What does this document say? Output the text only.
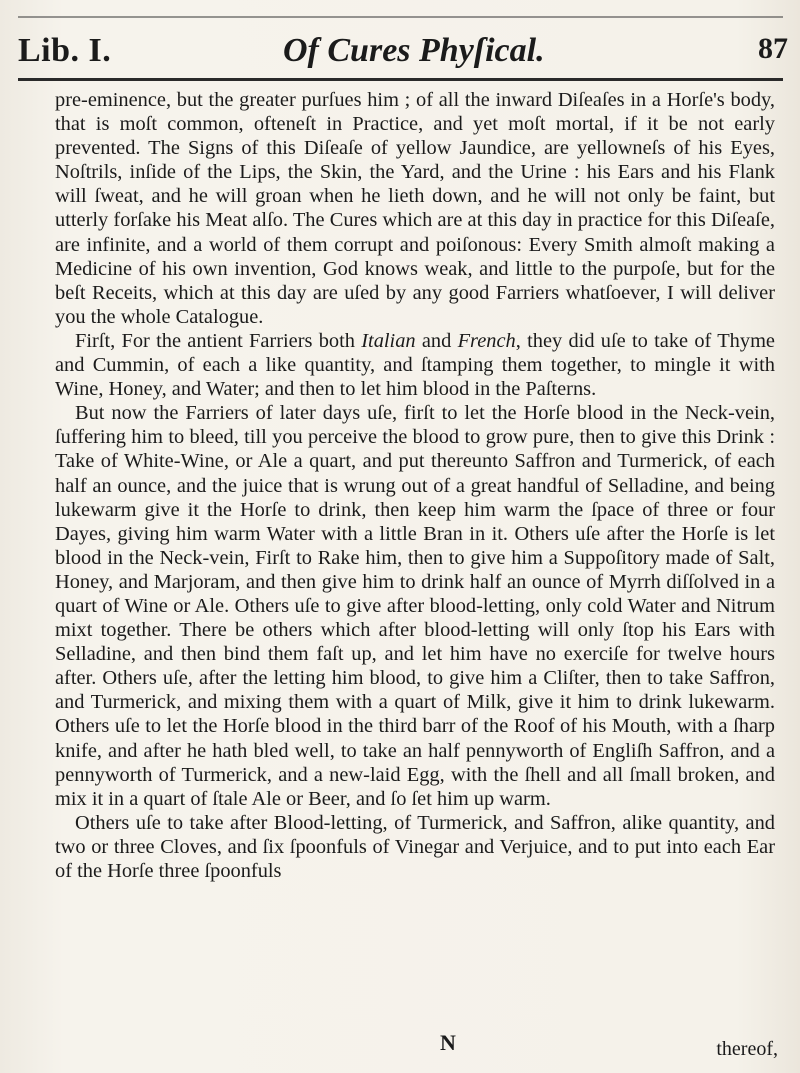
Lib. I.	Of Cures Phyſical.	87

pre-eminence, but the greater purſues him ; of all the inward Diſeaſes in a Horſe's body, that is moſt common, ofteneſt in Practice, and yet moſt mortal, if it be not early prevented. The Signs of this Diſeaſe of yellow Jaundice, are yellowneſs of his Eyes, Noſtrils, inſide of the Lips, the Skin, the Yard, and the Urine : his Ears and his Flank will ſweat, and he will groan when he lieth down, and he will not only be faint, but utterly forſake his Meat alſo. The Cures which are at this day in practice for this Diſeaſe, are infinite, and a world of them corrupt and poiſonous: Every Smith almoſt making a Medicine of his own invention, God knows weak, and little to the purpoſe, but for the beſt Receits, which at this day are uſed by any good Farriers whatſoever, I will deliver you the whole Catalogue.

Firſt, For the antient Farriers both Italian and French, they did uſe to take of Thyme and Cummin, of each a like quantity, and ſtamping them together, to mingle it with Wine, Honey, and Water; and then to let him blood in the Paſterns.

But now the Farriers of later days uſe, firſt to let the Horſe blood in the Neck-vein, ſuffering him to bleed, till you perceive the blood to grow pure, then to give this Drink : Take of White-Wine, or Ale a quart, and put thereunto Saffron and Turmerick, of each half an ounce, and the juice that is wrung out of a great handful of Selladine, and being lukewarm give it the Horſe to drink, then keep him warm the ſpace of three or four Dayes, giving him warm Water with a little Bran in it. Others uſe after the Horſe is let blood in the Neck-vein, Firſt to Rake him, then to give him a Suppoſitory made of Salt, Honey, and Marjoram, and then give him to drink half an ounce of Myrrh diſſolved in a quart of Wine or Ale. Others uſe to give after blood-letting, only cold Water and Nitrum mixt together. There be others which after blood-letting will only ſtop his Ears with Selladine, and then bind them faſt up, and let him have no exerciſe for twelve hours after. Others uſe, after the letting him blood, to give him a Cliſter, then to take Saffron, and Turmerick, and mixing them with a quart of Milk, give it him to drink lukewarm. Others uſe to let the Horſe blood in the third barr of the Roof of his Mouth, with a ſharp knife, and after he hath bled well, to take an half pennyworth of Engliſh Saffron, and a pennyworth of Turmerick, and a new-laid Egg, with the ſhell and all ſmall broken, and mix it in a quart of ſtale Ale or Beer, and ſo ſet him up warm.

Others uſe to take after Blood-letting, of Turmerick, and Saffron, alike quantity, and two or three Cloves, and ſix ſpoonfuls of Vinegar and Verjuice, and to put into each Ear of the Horſe three ſpoonfuls

N	thereof,
